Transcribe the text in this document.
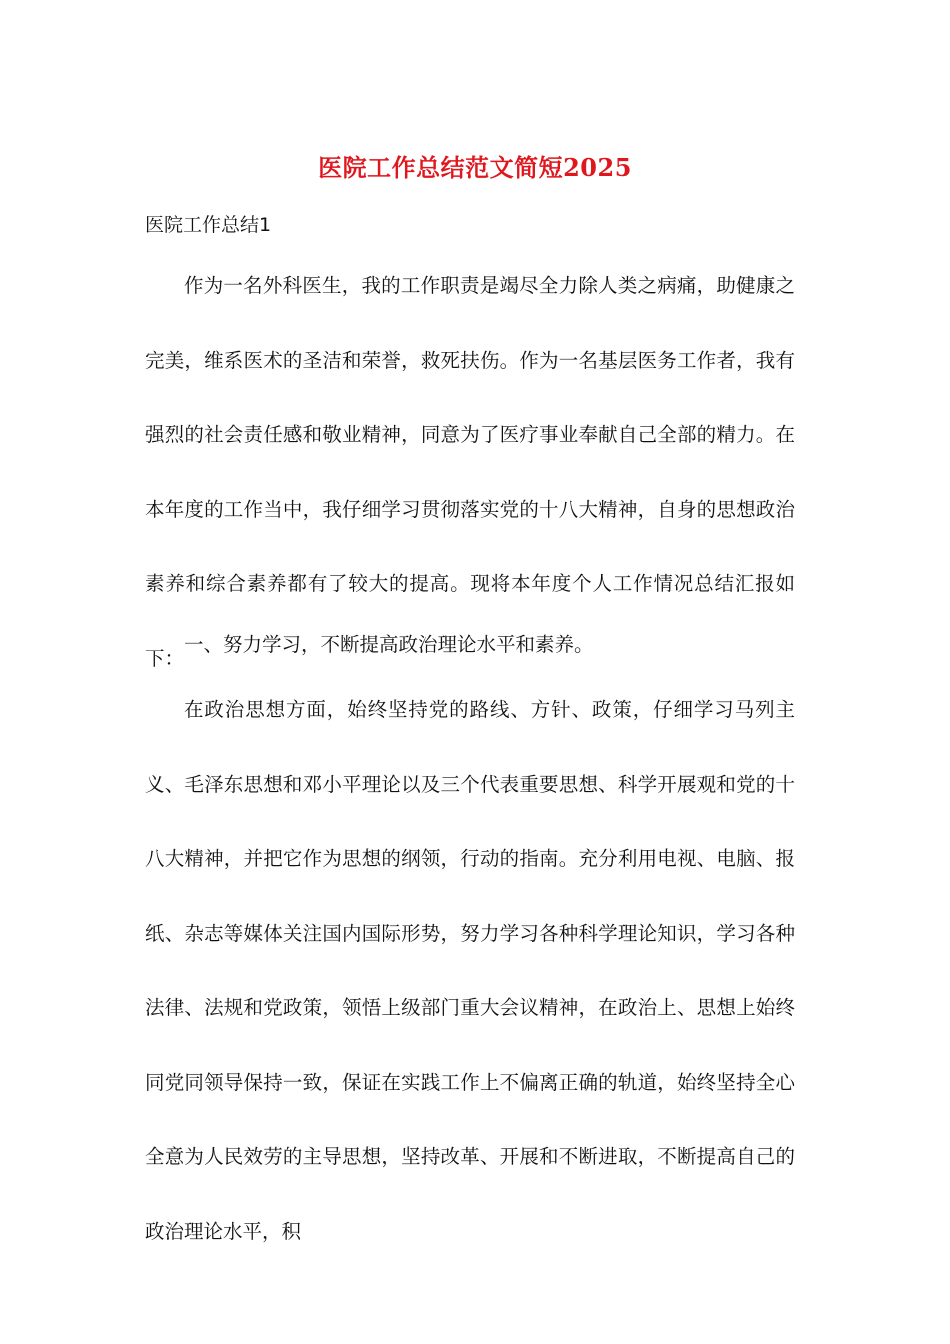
医院工作总结范文简短2025
医院工作总结1

作为一名外科医生，我的工作职责是竭尽全力除人类之病痛，助健康之完美，维系医术的圣洁和荣誉，救死扶伤。作为一名基层医务工作者，我有强烈的社会责任感和敬业精神，同意为了医疗事业奉献自己全部的精力。在本年度的工作当中，我仔细学习贯彻落实党的十八大精神，自身的思想政治素养和综合素养都有了较大的提高。现将本年度个人工作情况总结汇报如下：

一、努力学习，不断提高政治理论水平和素养。

在政治思想方面，始终坚持党的路线、方针、政策，仔细学习马列主义、毛泽东思想和邓小平理论以及三个代表重要思想、科学开展观和党的十八大精神，并把它作为思想的纲领，行动的指南。充分利用电视、电脑、报纸、杂志等媒体关注国内国际形势，努力学习各种科学理论知识，学习各种法律、法规和党政策，领悟上级部门重大会议精神，在政治上、思想上始终同党同领导保持一致，保证在实践工作上不偏离正确的轨道，始终坚持全心全意为人民效劳的主导思想，坚持改革、开展和不断进取，不断提高自己的政治理论水平，积
